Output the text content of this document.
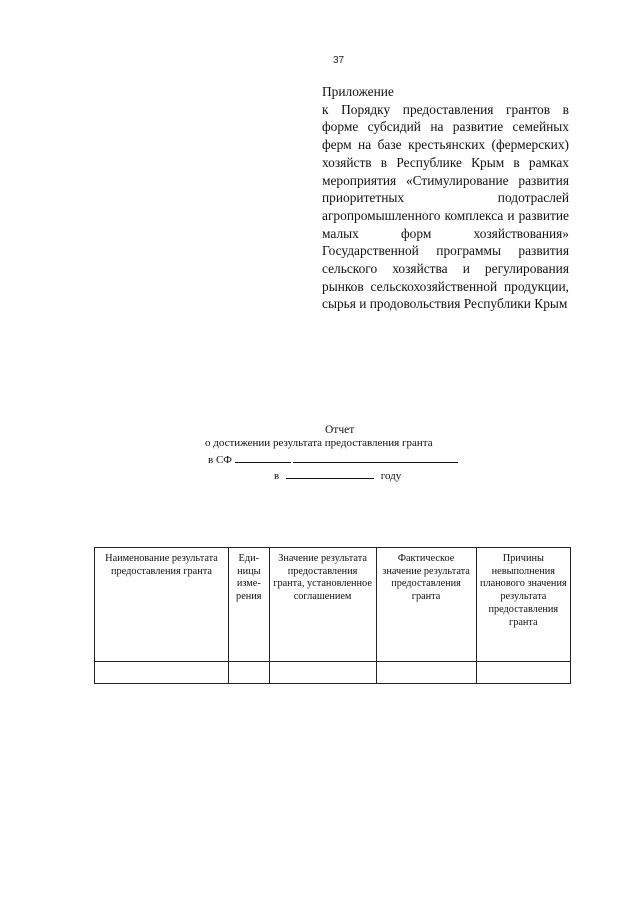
37
Приложение
к Порядку предоставления грантов в форме субсидий на развитие семейных ферм на базе крестьянских (фермерских) хозяйств в Республике Крым в рамках мероприятия «Стимулирование развития приоритетных подотраслей агропромышленного комплекса и развитие малых форм хозяйствования» Государственной программы развития сельского хозяйства и регулирования рынков сельскохозяйственной продукции, сырья и продовольствия Республики Крым
Отчет
о достижении результата предоставления гранта
в СФ
в	году
Наименование результата предоставления гранта	Еди-ницы изме-рения	Значение результата предоставления гранта, установленное соглашением	Фактическое значение результата предоставления гранта	Причины невыполнения планового значения результата предоставления гранта
